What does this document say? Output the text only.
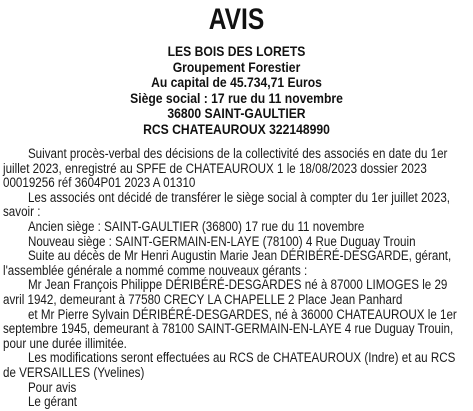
AVIS
LES BOIS DES LORETS
Groupement Forestier
Au capital de 45.734,71 Euros
Siège social : 17 rue du 11 novembre
36800 SAINT-GAULTIER
RCS CHATEAUROUX 322148990
Suivant procès-verbal des décisions de la collectivité des associés en date du 1er
juillet 2023, enregistré au SPFE de CHATEAUROUX 1 le 18/08/2023 dossier 2023
00019256 réf 3604P01 2023 A 01310
Les associés ont décidé de transférer le siège social à compter du 1er juillet 2023,
savoir :
Ancien siège : SAINT-GAULTIER (36800) 17 rue du 11 novembre
Nouveau siège : SAINT-GERMAIN-EN-LAYE (78100) 4 Rue Duguay Trouin
Suite au décès de Mr Henri Augustin Marie Jean DÉRIBÉRÉ-DESGARDE, gérant,
l'assemblée générale a nommé comme nouveaux gérants :
Mr Jean François Philippe DÉRIBÉRÉ-DESGARDES né à 87000 LIMOGES le 29
avril 1942, demeurant à 77580 CRECY LA CHAPELLE 2 Place Jean Panhard
et Mr Pierre Sylvain DÉRIBÉRÉ-DESGARDES, né à 36000 CHATEAUROUX le 1er
septembre 1945, demeurant à 78100 SAINT-GERMAIN-EN-LAYE 4 rue Duguay Trouin,
pour une durée illimitée.
Les modifications seront effectuées au RCS de CHATEAUROUX (Indre) et au RCS
de VERSAILLES (Yvelines)
Pour avis
Le gérant
